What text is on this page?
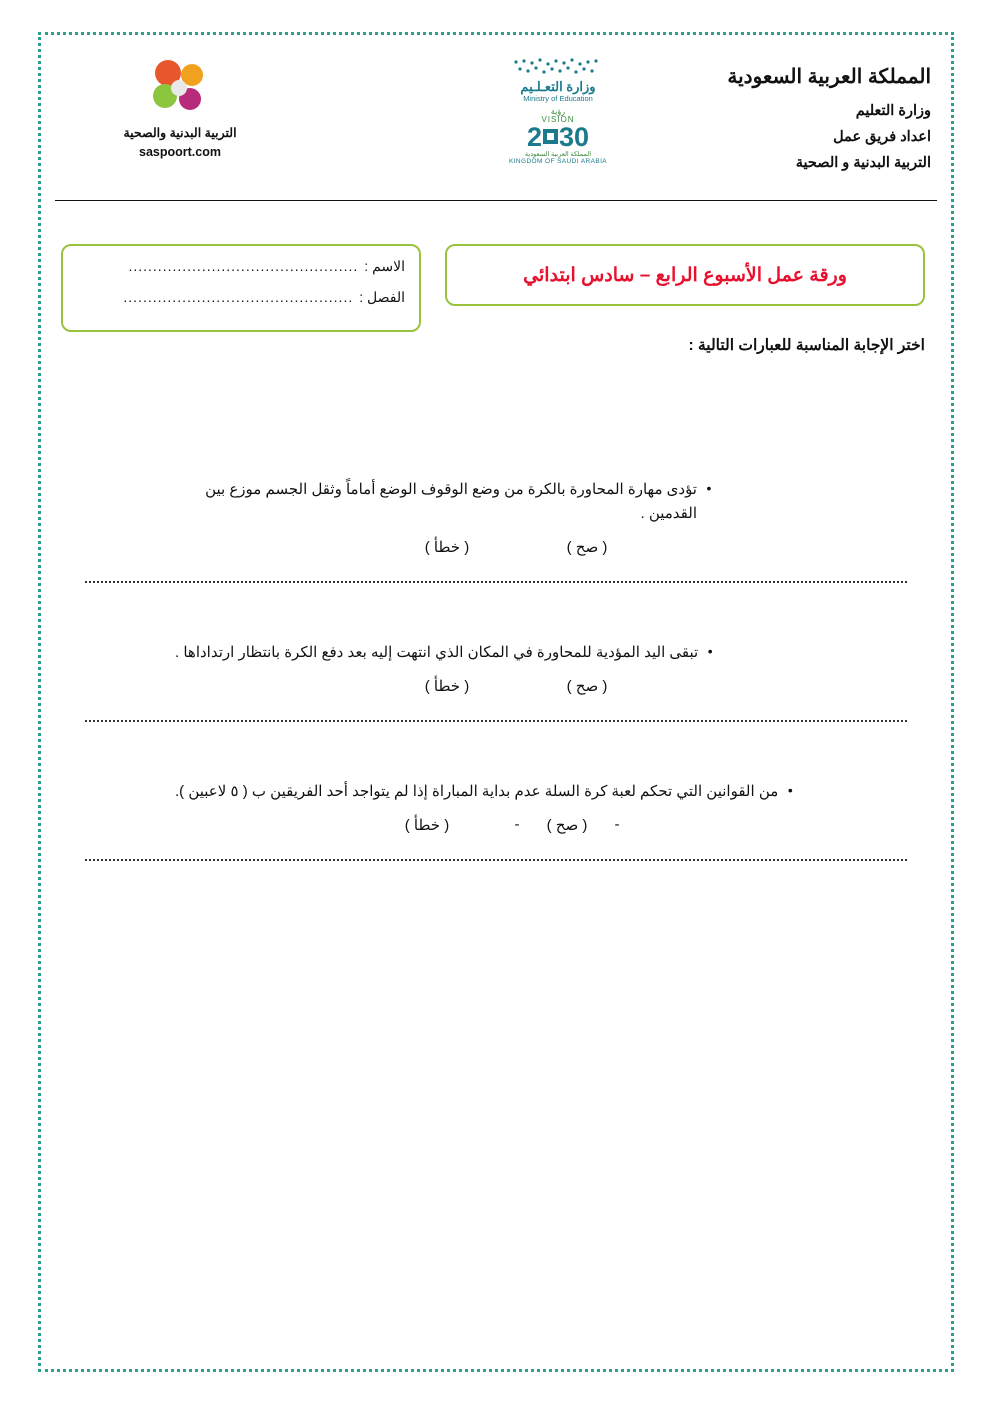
التربية البدنية والصحية
saspoort.com
وزارة التعـلـيم
Ministry of Education
رؤية
VISION
2 30
المملكة العربية السعودية
KINGDOM OF SAUDI ARABIA
المملكة العربية السعودية
وزارة التعليم
اعداد فريق عمل
التربية البدنية و الصحية
ورقة عمل الأسبوع الرابع – سادس ابتدائي
الاسم :
...............................................
الفصل :
...............................................
اختر الإجابة المناسبة للعبارات التالية :
•
تؤدى مهارة المحاورة بالكرة من وضع الوقوف الوضع أماماً وثقل الجسم موزع بين القدمين .
( صح )
( خطأ )
•
تبقى اليد المؤدية للمحاورة في المكان الذي انتهت إليه بعد دفع الكرة بانتظار ارتداداها .
( صح )
( خطأ )
•
من القوانين التي تحكم لعبة كرة السلة عدم بداية المباراة إذا لم يتواجد أحد الفريقين ب ( ٥ لاعبين ).
-
( صح )
-
( خطأ )
